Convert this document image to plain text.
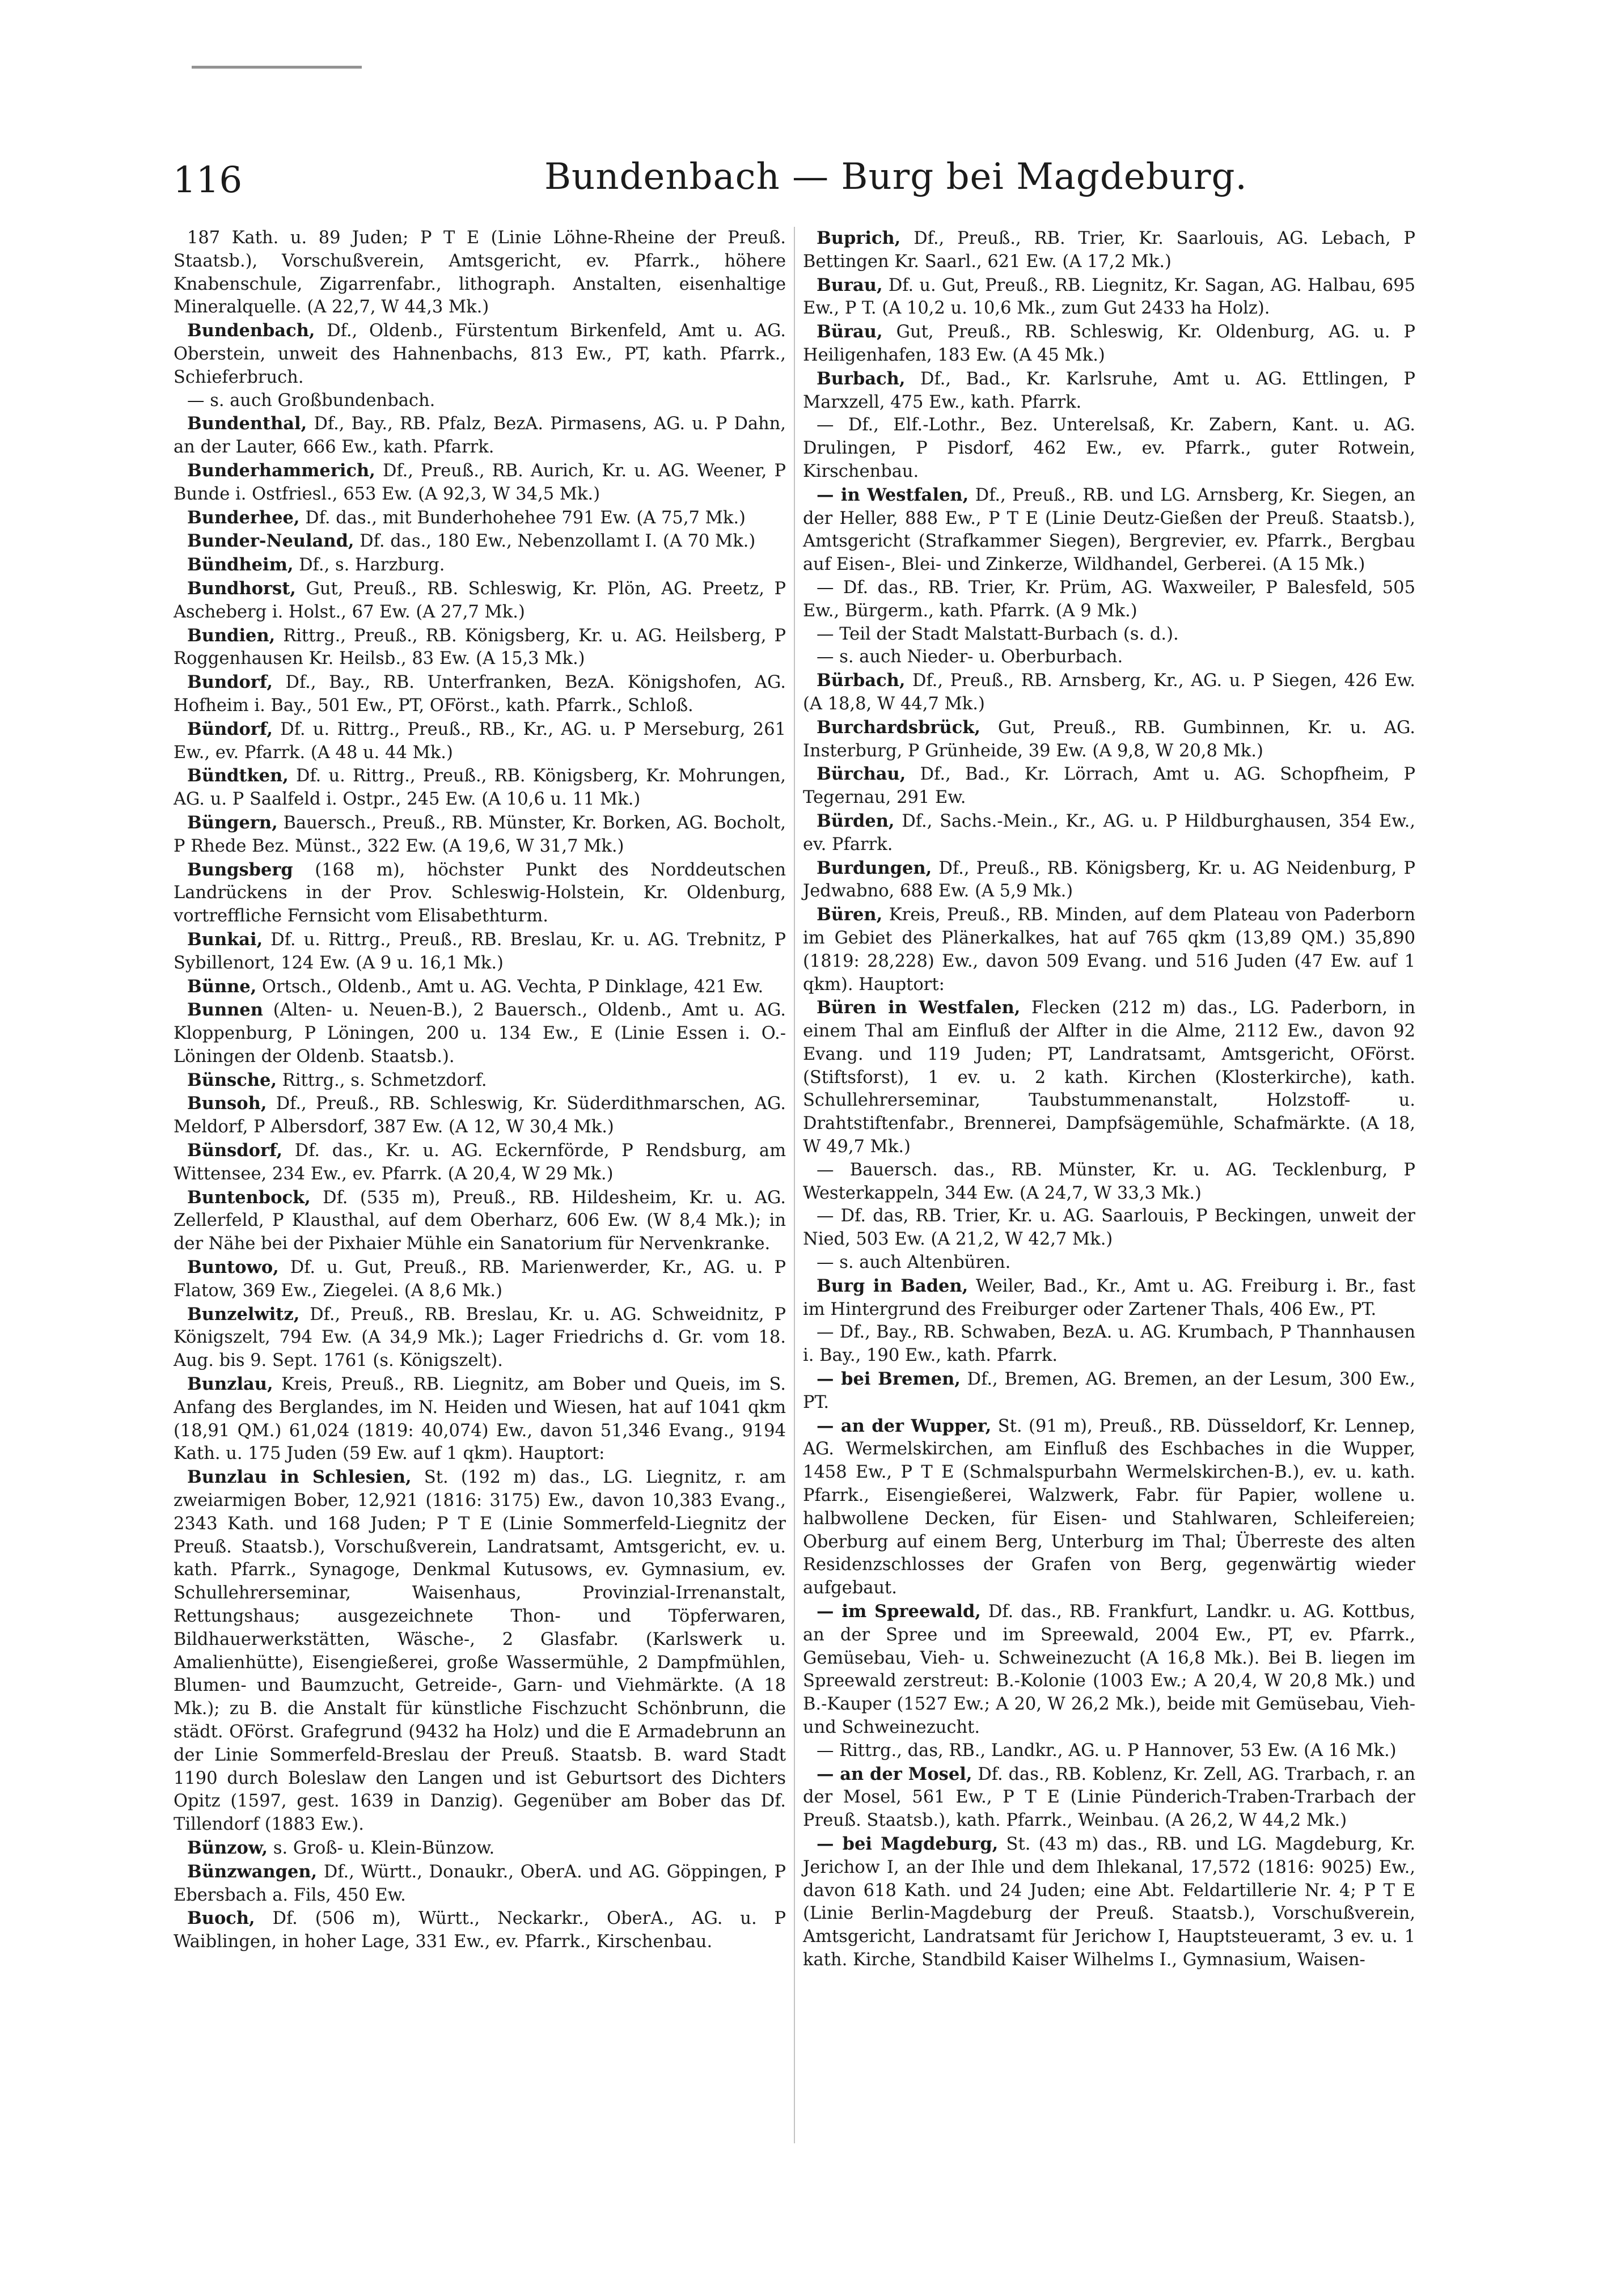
116	Bundenbach — Burg bei Magdeburg.

187 Kath. u. 89 Juden; P T E (Linie Löhne-Rheine der Preuß. Staatsb.), Vorschußverein, Amtsgericht, ev. Pfarrk., höhere Knabenschule, Zigarrenfabr., lithograph. Anstalten, eisenhaltige Mineralquelle. (A 22,7, W 44,3 Mk.)

Bundenbach, Df., Oldenb., Fürstentum Birkenfeld, Amt u. AG. Oberstein, unweit des Hahnenbachs, 813 Ew., PT, kath. Pfarrk., Schieferbruch.

— s. auch Großbundenbach.

Bundenthal, Df., Bay., RB. Pfalz, BezA. Pirmasens, AG. u. P Dahn, an der Lauter, 666 Ew., kath. Pfarrk.

Bunderhammerich, Df., Preuß., RB. Aurich, Kr. u. AG. Weener, P Bunde i. Ostfriesl., 653 Ew. (A 92,3, W 34,5 Mk.)

Bunderhee, Df. das., mit Bunderhohehee 791 Ew. (A 75,7 Mk.)

Bunder-Neuland, Df. das., 180 Ew., Nebenzollamt I. (A 70 Mk.)

Bündheim, Df., s. Harzburg.

Bundhorst, Gut, Preuß., RB. Schleswig, Kr. Plön, AG. Preetz, P Ascheberg i. Holst., 67 Ew. (A 27,7 Mk.)

Bundien, Rittrg., Preuß., RB. Königsberg, Kr. u. AG. Heilsberg, P Roggenhausen Kr. Heilsb., 83 Ew. (A 15,3 Mk.)

Bundorf, Df., Bay., RB. Unterfranken, BezA. Königshofen, AG. Hofheim i. Bay., 501 Ew., PT, OFörst., kath. Pfarrk., Schloß.

Bündorf, Df. u. Rittrg., Preuß., RB., Kr., AG. u. P Merseburg, 261 Ew., ev. Pfarrk. (A 48 u. 44 Mk.)

Bündtken, Df. u. Rittrg., Preuß., RB. Königsberg, Kr. Mohrungen, AG. u. P Saalfeld i. Ostpr., 245 Ew. (A 10,6 u. 11 Mk.)

Büngern, Bauersch., Preuß., RB. Münster, Kr. Borken, AG. Bocholt, P Rhede Bez. Münst., 322 Ew. (A 19,6, W 31,7 Mk.)

Bungsberg (168 m), höchster Punkt des Norddeutschen Landrückens in der Prov. Schleswig-Holstein, Kr. Oldenburg, vortreffliche Fernsicht vom Elisabethturm.

Bunkai, Df. u. Rittrg., Preuß., RB. Breslau, Kr. u. AG. Trebnitz, P Sybillenort, 124 Ew. (A 9 u. 16,1 Mk.)

Bünne, Ortsch., Oldenb., Amt u. AG. Vechta, P Dinklage, 421 Ew.

Bunnen (Alten- u. Neuen-B.), 2 Bauersch., Oldenb., Amt u. AG. Kloppenburg, P Löningen, 200 u. 134 Ew., E (Linie Essen i. O.-Löningen der Oldenb. Staatsb.).

Bünsche, Rittrg., s. Schmetzdorf.

Bunsoh, Df., Preuß., RB. Schleswig, Kr. Süderdithmarschen, AG. Meldorf, P Albersdorf, 387 Ew. (A 12, W 30,4 Mk.)

Bünsdorf, Df. das., Kr. u. AG. Eckernförde, P Rendsburg, am Wittensee, 234 Ew., ev. Pfarrk. (A 20,4, W 29 Mk.)

Buntenbock, Df. (535 m), Preuß., RB. Hildesheim, Kr. u. AG. Zellerfeld, P Klausthal, auf dem Oberharz, 606 Ew. (W 8,4 Mk.); in der Nähe bei der Pixhaier Mühle ein Sanatorium für Nervenkranke.

Buntowo, Df. u. Gut, Preuß., RB. Marienwerder, Kr., AG. u. P Flatow, 369 Ew., Ziegelei. (A 8,6 Mk.)

Bunzelwitz, Df., Preuß., RB. Breslau, Kr. u. AG. Schweidnitz, P Königszelt, 794 Ew. (A 34,9 Mk.); Lager Friedrichs d. Gr. vom 18. Aug. bis 9. Sept. 1761 (s. Königszelt).

Bunzlau, Kreis, Preuß., RB. Liegnitz, am Bober und Queis, im S. Anfang des Berglandes, im N. Heiden und Wiesen, hat auf 1041 qkm (18,91 QM.) 61,024 (1819: 40,074) Ew., davon 51,346 Evang., 9194 Kath. u. 175 Juden (59 Ew. auf 1 qkm). Hauptort:

Bunzlau in Schlesien, St. (192 m) das., LG. Liegnitz, r. am zweiarmigen Bober, 12,921 (1816: 3175) Ew., davon 10,383 Evang., 2343 Kath. und 168 Juden; P T E (Linie Sommerfeld-Liegnitz der Preuß. Staatsb.), Vorschußverein, Landratsamt, Amtsgericht, ev. u. kath. Pfarrk., Synagoge, Denkmal Kutusows, ev. Gymnasium, ev. Schullehrerseminar, Waisenhaus, Provinzial-Irrenanstalt, Rettungshaus; ausgezeichnete Thon- und Töpferwaren, Bildhauerwerkstätten, Wäsche-, 2 Glasfabr. (Karlswerk u. Amalienhütte), Eisengießerei, große Wassermühle, 2 Dampfmühlen, Blumen- und Baumzucht, Getreide-, Garn- und Viehmärkte. (A 18 Mk.); zu B. die Anstalt für künstliche Fischzucht Schönbrunn, die städt. OFörst. Grafegrund (9432 ha Holz) und die E Armadebrunn an der Linie Sommerfeld-Breslau der Preuß. Staatsb. B. ward Stadt 1190 durch Boleslaw den Langen und ist Geburtsort des Dichters Opitz (1597, gest. 1639 in Danzig). Gegenüber am Bober das Df. Tillendorf (1883 Ew.).

Bünzow, s. Groß- u. Klein-Bünzow.

Bünzwangen, Df., Württ., Donaukr., OberA. und AG. Göppingen, P Ebersbach a. Fils, 450 Ew.

Buoch, Df. (506 m), Württ., Neckarkr., OberA., AG. u. P Waiblingen, in hoher Lage, 331 Ew., ev. Pfarrk., Kirschenbau.

Buprich, Df., Preuß., RB. Trier, Kr. Saarlouis, AG. Lebach, P Bettingen Kr. Saarl., 621 Ew. (A 17,2 Mk.)

Burau, Df. u. Gut, Preuß., RB. Liegnitz, Kr. Sagan, AG. Halbau, 695 Ew., P T. (A 10,2 u. 10,6 Mk., zum Gut 2433 ha Holz).

Bürau, Gut, Preuß., RB. Schleswig, Kr. Oldenburg, AG. u. P Heiligenhafen, 183 Ew. (A 45 Mk.)

Burbach, Df., Bad., Kr. Karlsruhe, Amt u. AG. Ettlingen, P Marxzell, 475 Ew., kath. Pfarrk.

— Df., Elf.-Lothr., Bez. Unterelsaß, Kr. Zabern, Kant. u. AG. Drulingen, P Pisdorf, 462 Ew., ev. Pfarrk., guter Rotwein, Kirschenbau.

— in Westfalen, Df., Preuß., RB. und LG. Arnsberg, Kr. Siegen, an der Heller, 888 Ew., P T E (Linie Deutz-Gießen der Preuß. Staatsb.), Amtsgericht (Strafkammer Siegen), Bergrevier, ev. Pfarrk., Bergbau auf Eisen-, Blei- und Zinkerze, Wildhandel, Gerberei. (A 15 Mk.)

— Df. das., RB. Trier, Kr. Prüm, AG. Waxweiler, P Balesfeld, 505 Ew., Bürgerm., kath. Pfarrk. (A 9 Mk.)

— Teil der Stadt Malstatt-Burbach (s. d.).

— s. auch Nieder- u. Oberburbach.

Bürbach, Df., Preuß., RB. Arnsberg, Kr., AG. u. P Siegen, 426 Ew. (A 18,8, W 44,7 Mk.)

Burchardsbrück, Gut, Preuß., RB. Gumbinnen, Kr. u. AG. Insterburg, P Grünheide, 39 Ew. (A 9,8, W 20,8 Mk.)

Bürchau, Df., Bad., Kr. Lörrach, Amt u. AG. Schopfheim, P Tegernau, 291 Ew.

Bürden, Df., Sachs.-Mein., Kr., AG. u. P Hildburghausen, 354 Ew., ev. Pfarrk.

Burdungen, Df., Preuß., RB. Königsberg, Kr. u. AG Neidenburg, P Jedwabno, 688 Ew. (A 5,9 Mk.)

Büren, Kreis, Preuß., RB. Minden, auf dem Plateau von Paderborn im Gebiet des Plänerkalkes, hat auf 765 qkm (13,89 QM.) 35,890 (1819: 28,228) Ew., davon 509 Evang. und 516 Juden (47 Ew. auf 1 qkm). Hauptort:

Büren in Westfalen, Flecken (212 m) das., LG. Paderborn, in einem Thal am Einfluß der Alfter in die Alme, 2112 Ew., davon 92 Evang. und 119 Juden; PT, Landratsamt, Amtsgericht, OFörst. (Stiftsforst), 1 ev. u. 2 kath. Kirchen (Klosterkirche), kath. Schullehrerseminar, Taubstummenanstalt, Holzstoff- u. Drahtstiftenfabr., Brennerei, Dampfsägemühle, Schafmärkte. (A 18, W 49,7 Mk.)

— Bauersch. das., RB. Münster, Kr. u. AG. Tecklenburg, P Westerkappeln, 344 Ew. (A 24,7, W 33,3 Mk.)

— Df. das, RB. Trier, Kr. u. AG. Saarlouis, P Beckingen, unweit der Nied, 503 Ew. (A 21,2, W 42,7 Mk.)

— s. auch Altenbüren.

Burg in Baden, Weiler, Bad., Kr., Amt u. AG. Freiburg i. Br., fast im Hintergrund des Freiburger oder Zartener Thals, 406 Ew., PT.

— Df., Bay., RB. Schwaben, BezA. u. AG. Krumbach, P Thannhausen i. Bay., 190 Ew., kath. Pfarrk.

— bei Bremen, Df., Bremen, AG. Bremen, an der Lesum, 300 Ew., PT.

— an der Wupper, St. (91 m), Preuß., RB. Düsseldorf, Kr. Lennep, AG. Wermelskirchen, am Einfluß des Eschbaches in die Wupper, 1458 Ew., P T E (Schmalspurbahn Wermelskirchen-B.), ev. u. kath. Pfarrk., Eisengießerei, Walzwerk, Fabr. für Papier, wollene u. halbwollene Decken, für Eisen- und Stahlwaren, Schleifereien; Oberburg auf einem Berg, Unterburg im Thal; Überreste des alten Residenzschlosses der Grafen von Berg, gegenwärtig wieder aufgebaut.

— im Spreewald, Df. das., RB. Frankfurt, Landkr. u. AG. Kottbus, an der Spree und im Spreewald, 2004 Ew., PT, ev. Pfarrk., Gemüsebau, Vieh- u. Schweinezucht (A 16,8 Mk.). Bei B. liegen im Spreewald zerstreut: B.-Kolonie (1003 Ew.; A 20,4, W 20,8 Mk.) und B.-Kauper (1527 Ew.; A 20, W 26,2 Mk.), beide mit Gemüsebau, Vieh- und Schweinezucht.

— Rittrg., das, RB., Landkr., AG. u. P Hannover, 53 Ew. (A 16 Mk.)

— an der Mosel, Df. das., RB. Koblenz, Kr. Zell, AG. Trarbach, r. an der Mosel, 561 Ew., P T E (Linie Pünderich-Traben-Trarbach der Preuß. Staatsb.), kath. Pfarrk., Weinbau. (A 26,2, W 44,2 Mk.)

— bei Magdeburg, St. (43 m) das., RB. und LG. Magdeburg, Kr. Jerichow I, an der Ihle und dem Ihlekanal, 17,572 (1816: 9025) Ew., davon 618 Kath. und 24 Juden; eine Abt. Feldartillerie Nr. 4; P T E (Linie Berlin-Magdeburg der Preuß. Staatsb.), Vorschußverein, Amtsgericht, Landratsamt für Jerichow I, Hauptsteueramt, 3 ev. u. 1 kath. Kirche, Standbild Kaiser Wilhelms I., Gymnasium, Waisen-
